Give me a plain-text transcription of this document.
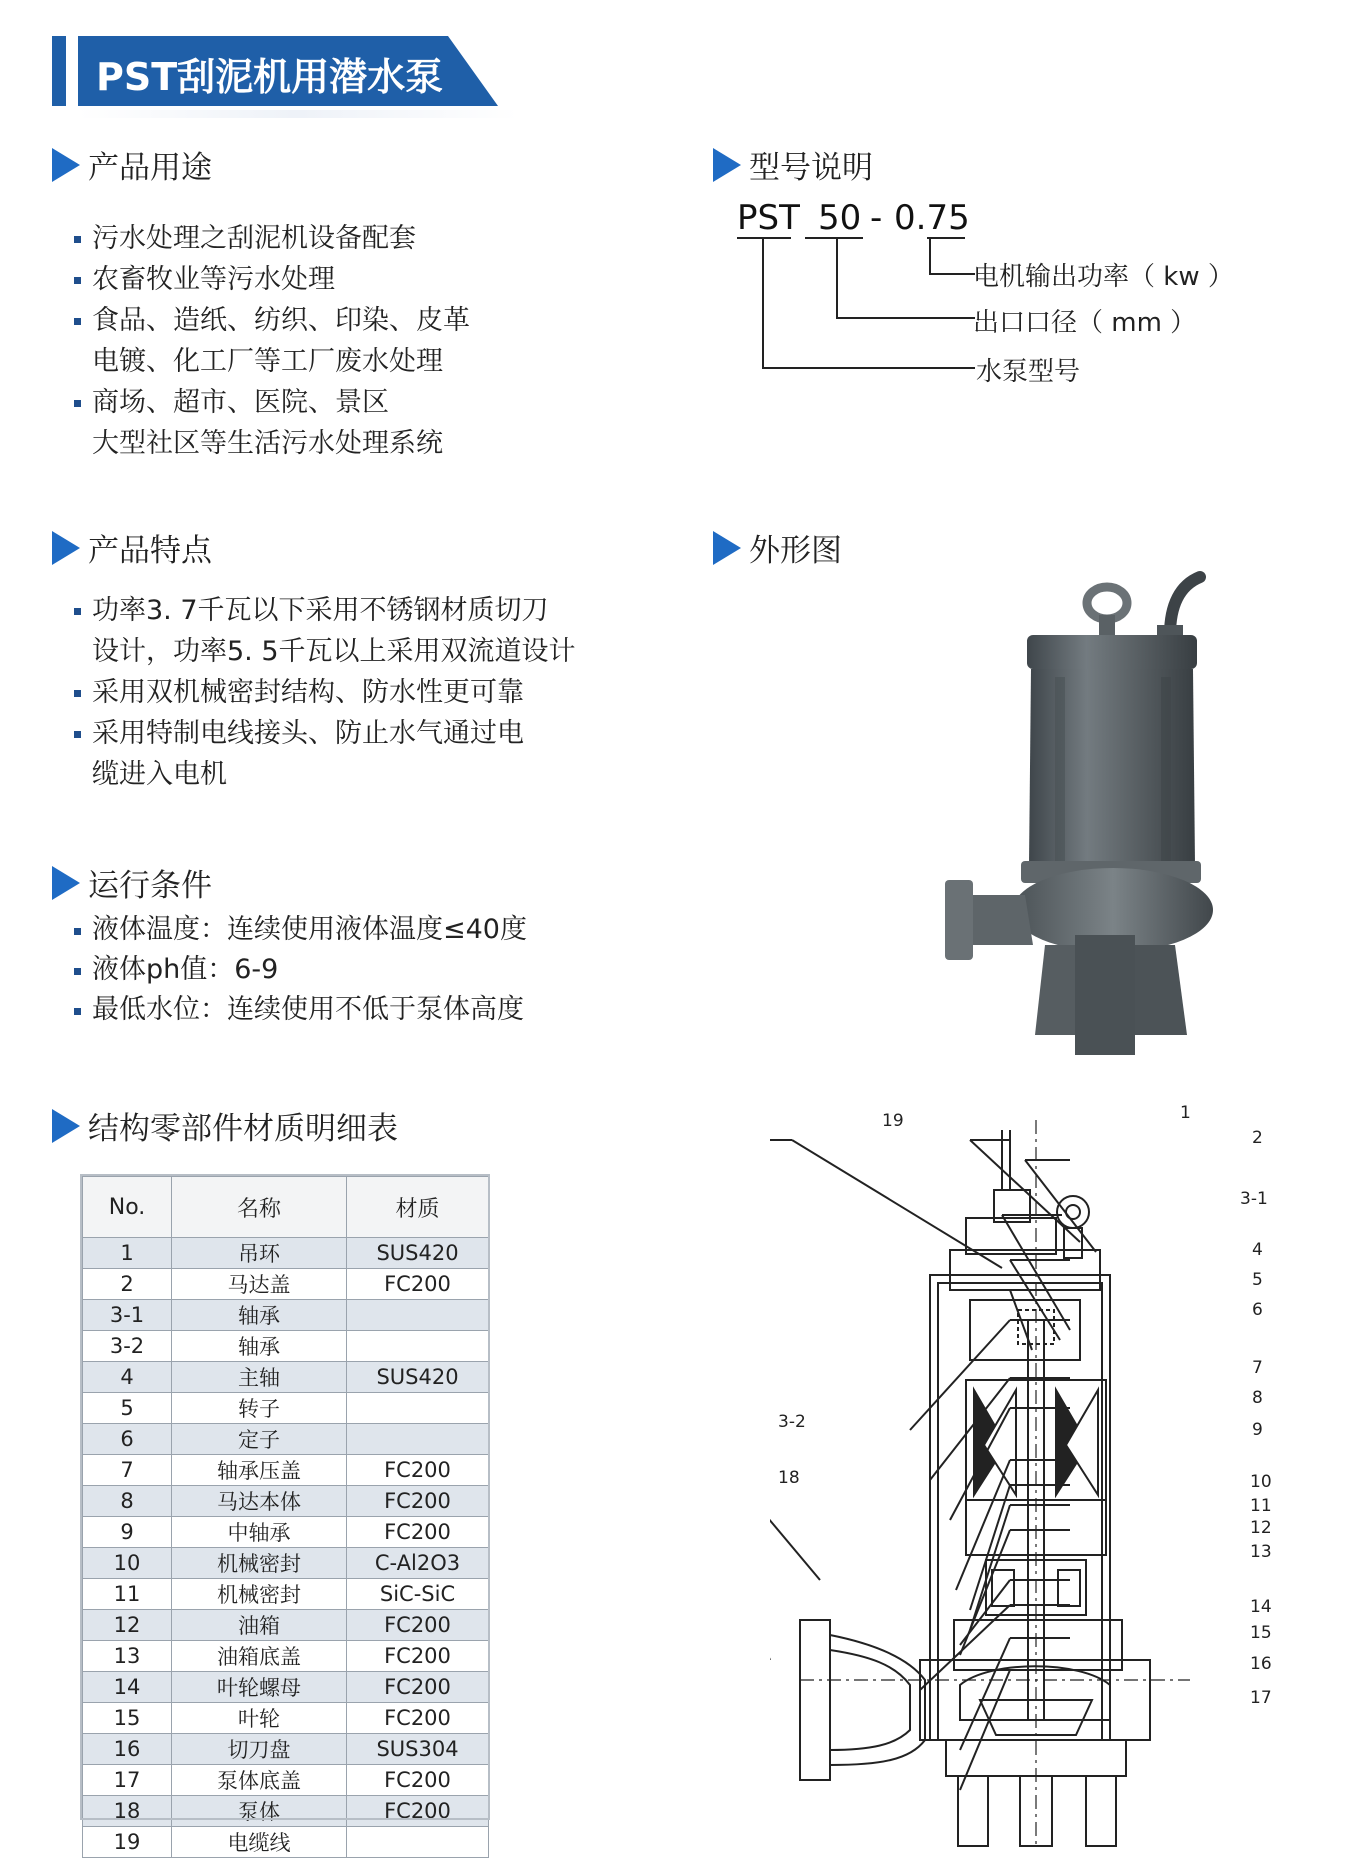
PST刮泥机用潜水泵
产品用途
污水处理之刮泥机设备配套
农畜牧业等污水处理
食品、造纸、纺织、印染、皮革
电镀、化工厂等工厂废水处理
商场、超市、医院、景区
大型社区等生活污水处理系统
型号说明
PST 50 - 0.75
电机输出功率（ kw ）
出口口径（ mm ）
水泵型号
产品特点
功率3. 7千瓦以下采用不锈钢材质切刀
设计，功率5. 5千瓦以上采用双流道设计
采用双机械密封结构、防水性更可靠
采用特制电线接头、防止水气通过电
缆进入电机
外形图
运行条件
液体温度：连续使用液体温度≤40度
液体ph值：6-9
最低水位：连续使用不低于泵体高度
结构零部件材质明细表
No.	名称	材质
1	吊环	SUS420
2	马达盖	FC200
3-1	轴承	
3-2	轴承	
4	主轴	SUS420
5	转子	
6	定子	
7	轴承压盖	FC200
8	马达本体	FC200
9	中轴承	FC200
10	机械密封	C-Al2O3
11	机械密封	SiC-SiC
12	油箱	FC200
13	油箱底盖	FC200
14	叶轮螺母	FC200
15	叶轮	FC200
16	切刀盘	SUS304
17	泵体底盖	FC200
18	泵体	FC200
19	电缆线	
19	1
2
3-1
4
5
6
7
8
9
3-2
18	10
11
12
13
14
15
16
17
